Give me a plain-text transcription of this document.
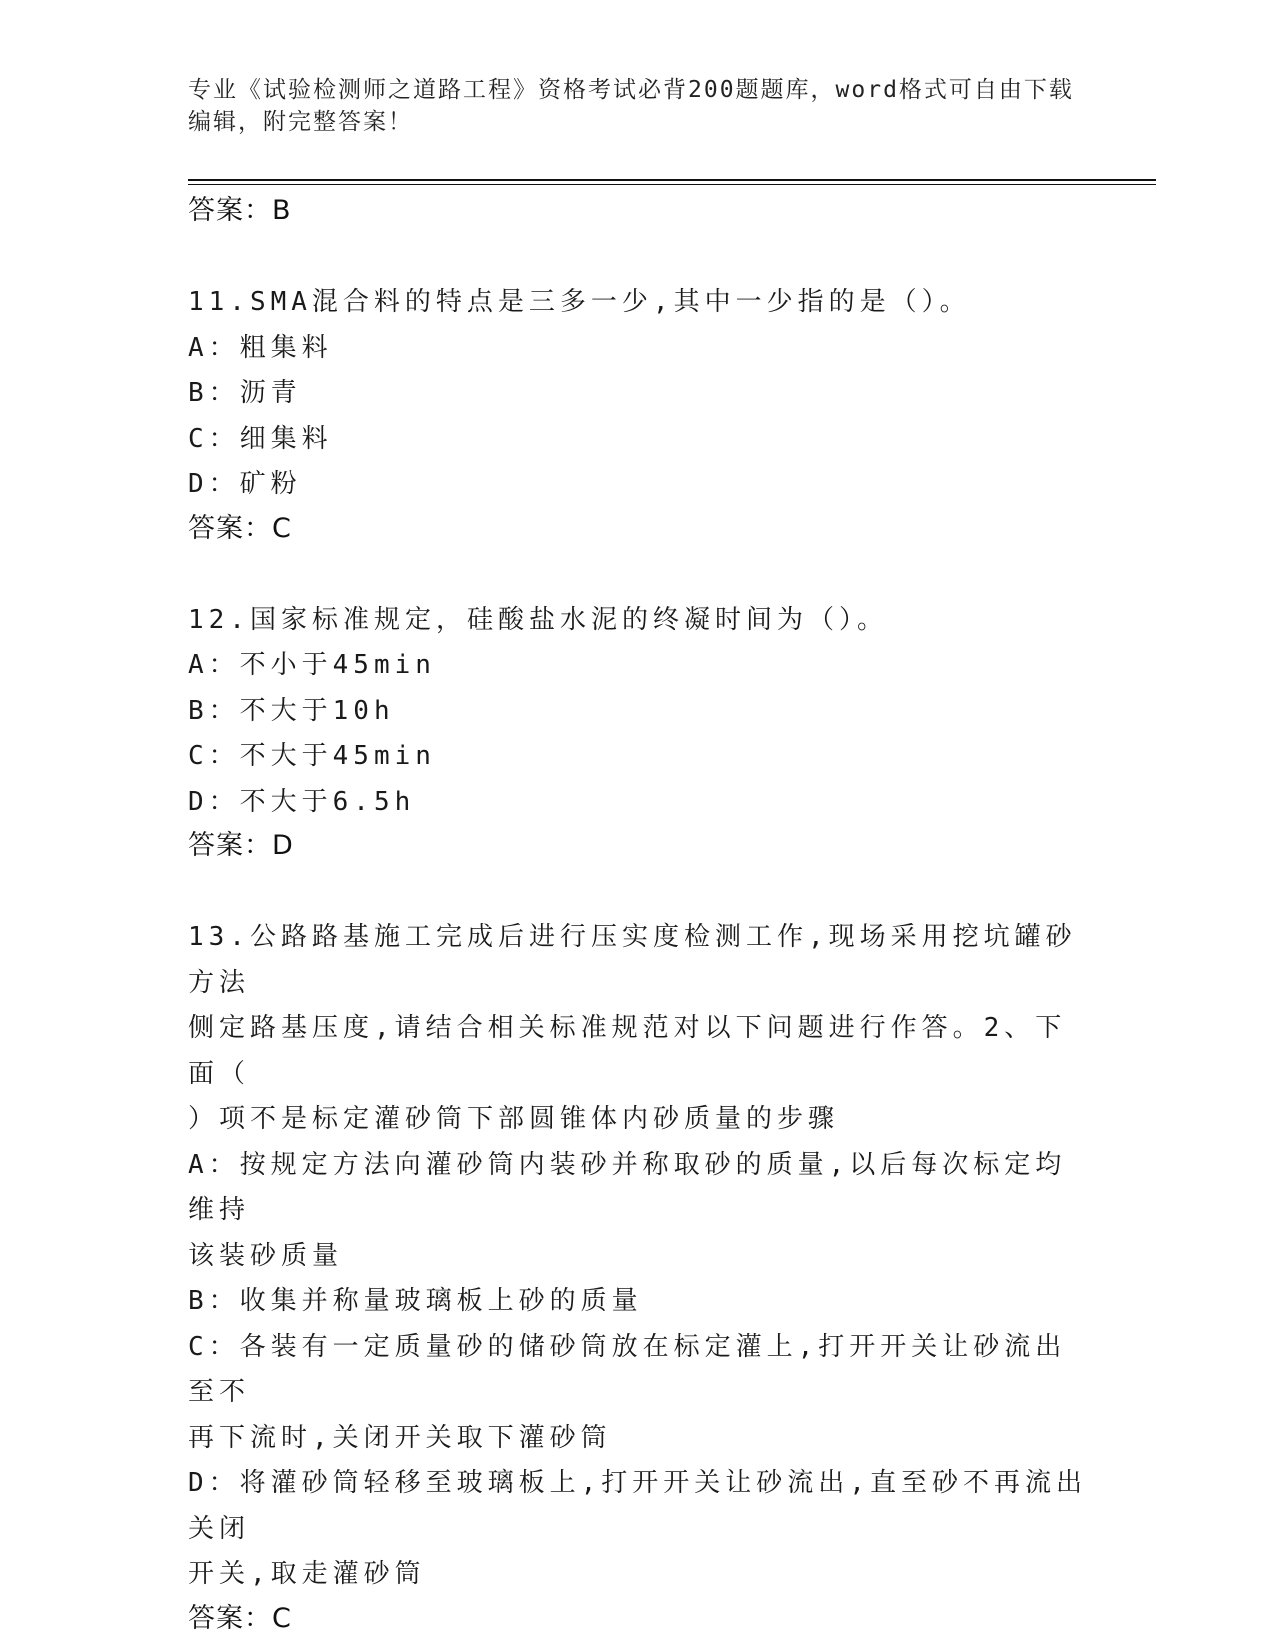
专业《试验检测师之道路工程》资格考试必背200题题库，word格式可自由下载
编辑，附完整答案！
答案：B
11.SMA混合料的特点是三多一少,其中一少指的是（）。
A：粗集料
B：沥青
C：细集料
D：矿粉
答案：C
12.国家标准规定，硅酸盐水泥的终凝时间为（）。
A：不小于45min
B：不大于10h
C：不大于45min
D：不大于6.5h
答案：D
13.公路路基施工完成后进行压实度检测工作,现场采用挖坑罐砂方法
侧定路基压度,请结合相关标准规范对以下问题进行作答。2、下面（
）项不是标定灌砂筒下部圆锥体内砂质量的步骤
A：按规定方法向灌砂筒内装砂并称取砂的质量,以后每次标定均维持
该装砂质量
B：收集并称量玻璃板上砂的质量
C：各装有一定质量砂的储砂筒放在标定灌上,打开开关让砂流出至不
再下流时,关闭开关取下灌砂筒
D：将灌砂筒轻移至玻璃板上,打开开关让砂流出,直至砂不再流出关闭
开关,取走灌砂筒
答案：C
